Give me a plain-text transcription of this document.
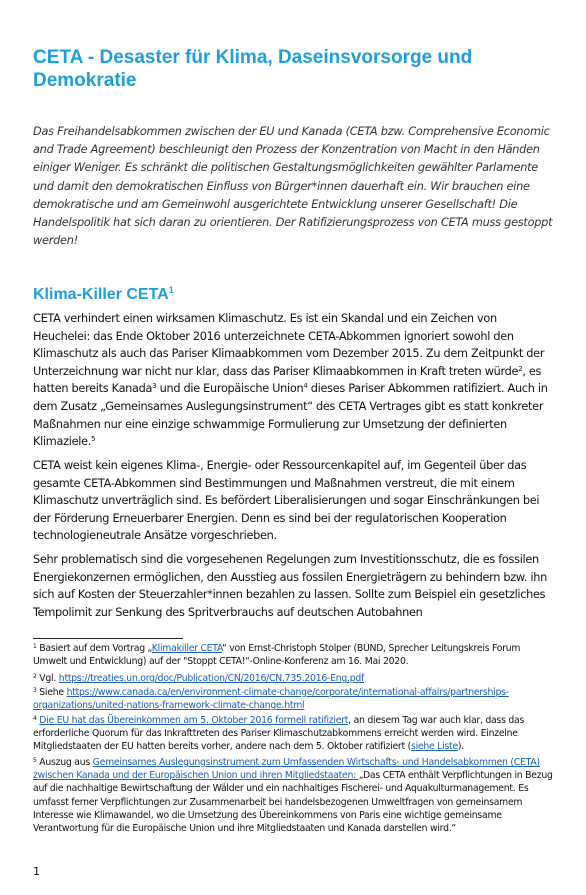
CETA - Desaster für Klima, Daseinsvorsorge und Demokratie

Das Freihandelsabkommen zwischen der EU und Kanada (CETA bzw. Comprehensive Economic and Trade Agreement) beschleunigt den Prozess der Konzentration von Macht in den Händen einiger Weniger. Es schränkt die politischen Gestaltungsmöglichkeiten gewählter Parlamente und damit den demokratischen Einfluss von Bürger*innen dauerhaft ein. Wir brauchen eine demokratische und am Gemeinwohl ausgerichtete Entwicklung unserer Gesellschaft! Die Handelspolitik hat sich daran zu orientieren. Der Ratifizierungsprozess von CETA muss gestoppt werden!

Klima-Killer CETA$^1$

CETA verhindert einen wirksamen Klimaschutz. Es ist ein Skandal und ein Zeichen von Heuchelei: das Ende Oktober 2016 unterzeichnete CETA-Abkommen ignoriert sowohl den Klimaschutz als auch das Pariser Klimaabkommen vom Dezember 2015. Zu dem Zeitpunkt der Unterzeichnung war nicht nur klar, dass das Pariser Klimaabkommen in Kraft treten würde$^2$, es hatten bereits Kanada$^3$ und die Europäische Union$^4$ dieses Pariser Abkommen ratifiziert. Auch in dem Zusatz „Gemeinsames Auslegungsinstrument“ des CETA Vertrages gibt es statt konkreter Maßnahmen nur eine einzige schwammige Formulierung zur Umsetzung der definierten Klimaziele.$^5$

CETA weist kein eigenes Klima-, Energie- oder Ressourcenkapitel auf, im Gegenteil über das gesamte CETA-Abkommen sind Bestimmungen und Maßnahmen verstreut, die mit einem Klimaschutz unverträglich sind. Es befördert Liberalisierungen und sogar Einschränkungen bei der Förderung Erneuerbarer Energien. Denn es sind bei der regulatorischen Kooperation technologieneutrale Ansätze vorgeschrieben.

Sehr problematisch sind die vorgesehenen Regelungen zum Investitionsschutz, die es fossilen Energiekonzernen ermöglichen, den Ausstieg aus fossilen Energieträgern zu behindern bzw. ihn sich auf Kosten der Steuerzahler*innen bezahlen zu lassen. Sollte zum Beispiel ein gesetzliches Tempolimit zur Senkung des Spritverbrauchs auf deutschen Autobahnen

$^1$ Basiert auf dem Vortrag „Klimakiller CETA“ von Ernst-Christoph Stolper (BUND, Sprecher Leitungskreis Forum Umwelt und Entwicklung) auf der "Stoppt CETA!"-Online-Konferenz am 16. Mai 2020.

$^2$ Vgl. https://treaties.un.org/doc/Publication/CN/2016/CN.735.2016-Eng.pdf

$^3$ Siehe https://www.canada.ca/en/environment-climate-change/corporate/international-affairs/partnerships-organizations/united-nations-framework-climate-change.html

$^4$ Die EU hat das Übereinkommen am 5. Oktober 2016 formell ratifiziert, an diesem Tag war auch klar, dass das erforderliche Quorum für das Inkrafttreten des Pariser Klimaschutzabkommens erreicht werden wird. Einzelne Mitgliedstaaten der EU hatten bereits vorher, andere nach dem 5. Oktober ratifiziert (siehe Liste).

$^5$ Auszug aus Gemeinsames Auslegungsinstrument zum Umfassenden Wirtschafts- und Handelsabkommen (CETA) zwischen Kanada und der Europäischen Union und ihren Mitgliedstaaten: „Das CETA enthält Verpflichtungen in Bezug auf die nachhaltige Bewirtschaftung der Wälder und ein nachhaltiges Fischerei- und Aquakulturmanagement. Es umfasst ferner Verpflichtungen zur Zusammenarbeit bei handelsbezogenen Umweltfragen von gemeinsamem Interesse wie Klimawandel, wo die Umsetzung des Übereinkommens von Paris eine wichtige gemeinsame Verantwortung für die Europäische Union und ihre Mitgliedstaaten und Kanada darstellen wird.“

1
